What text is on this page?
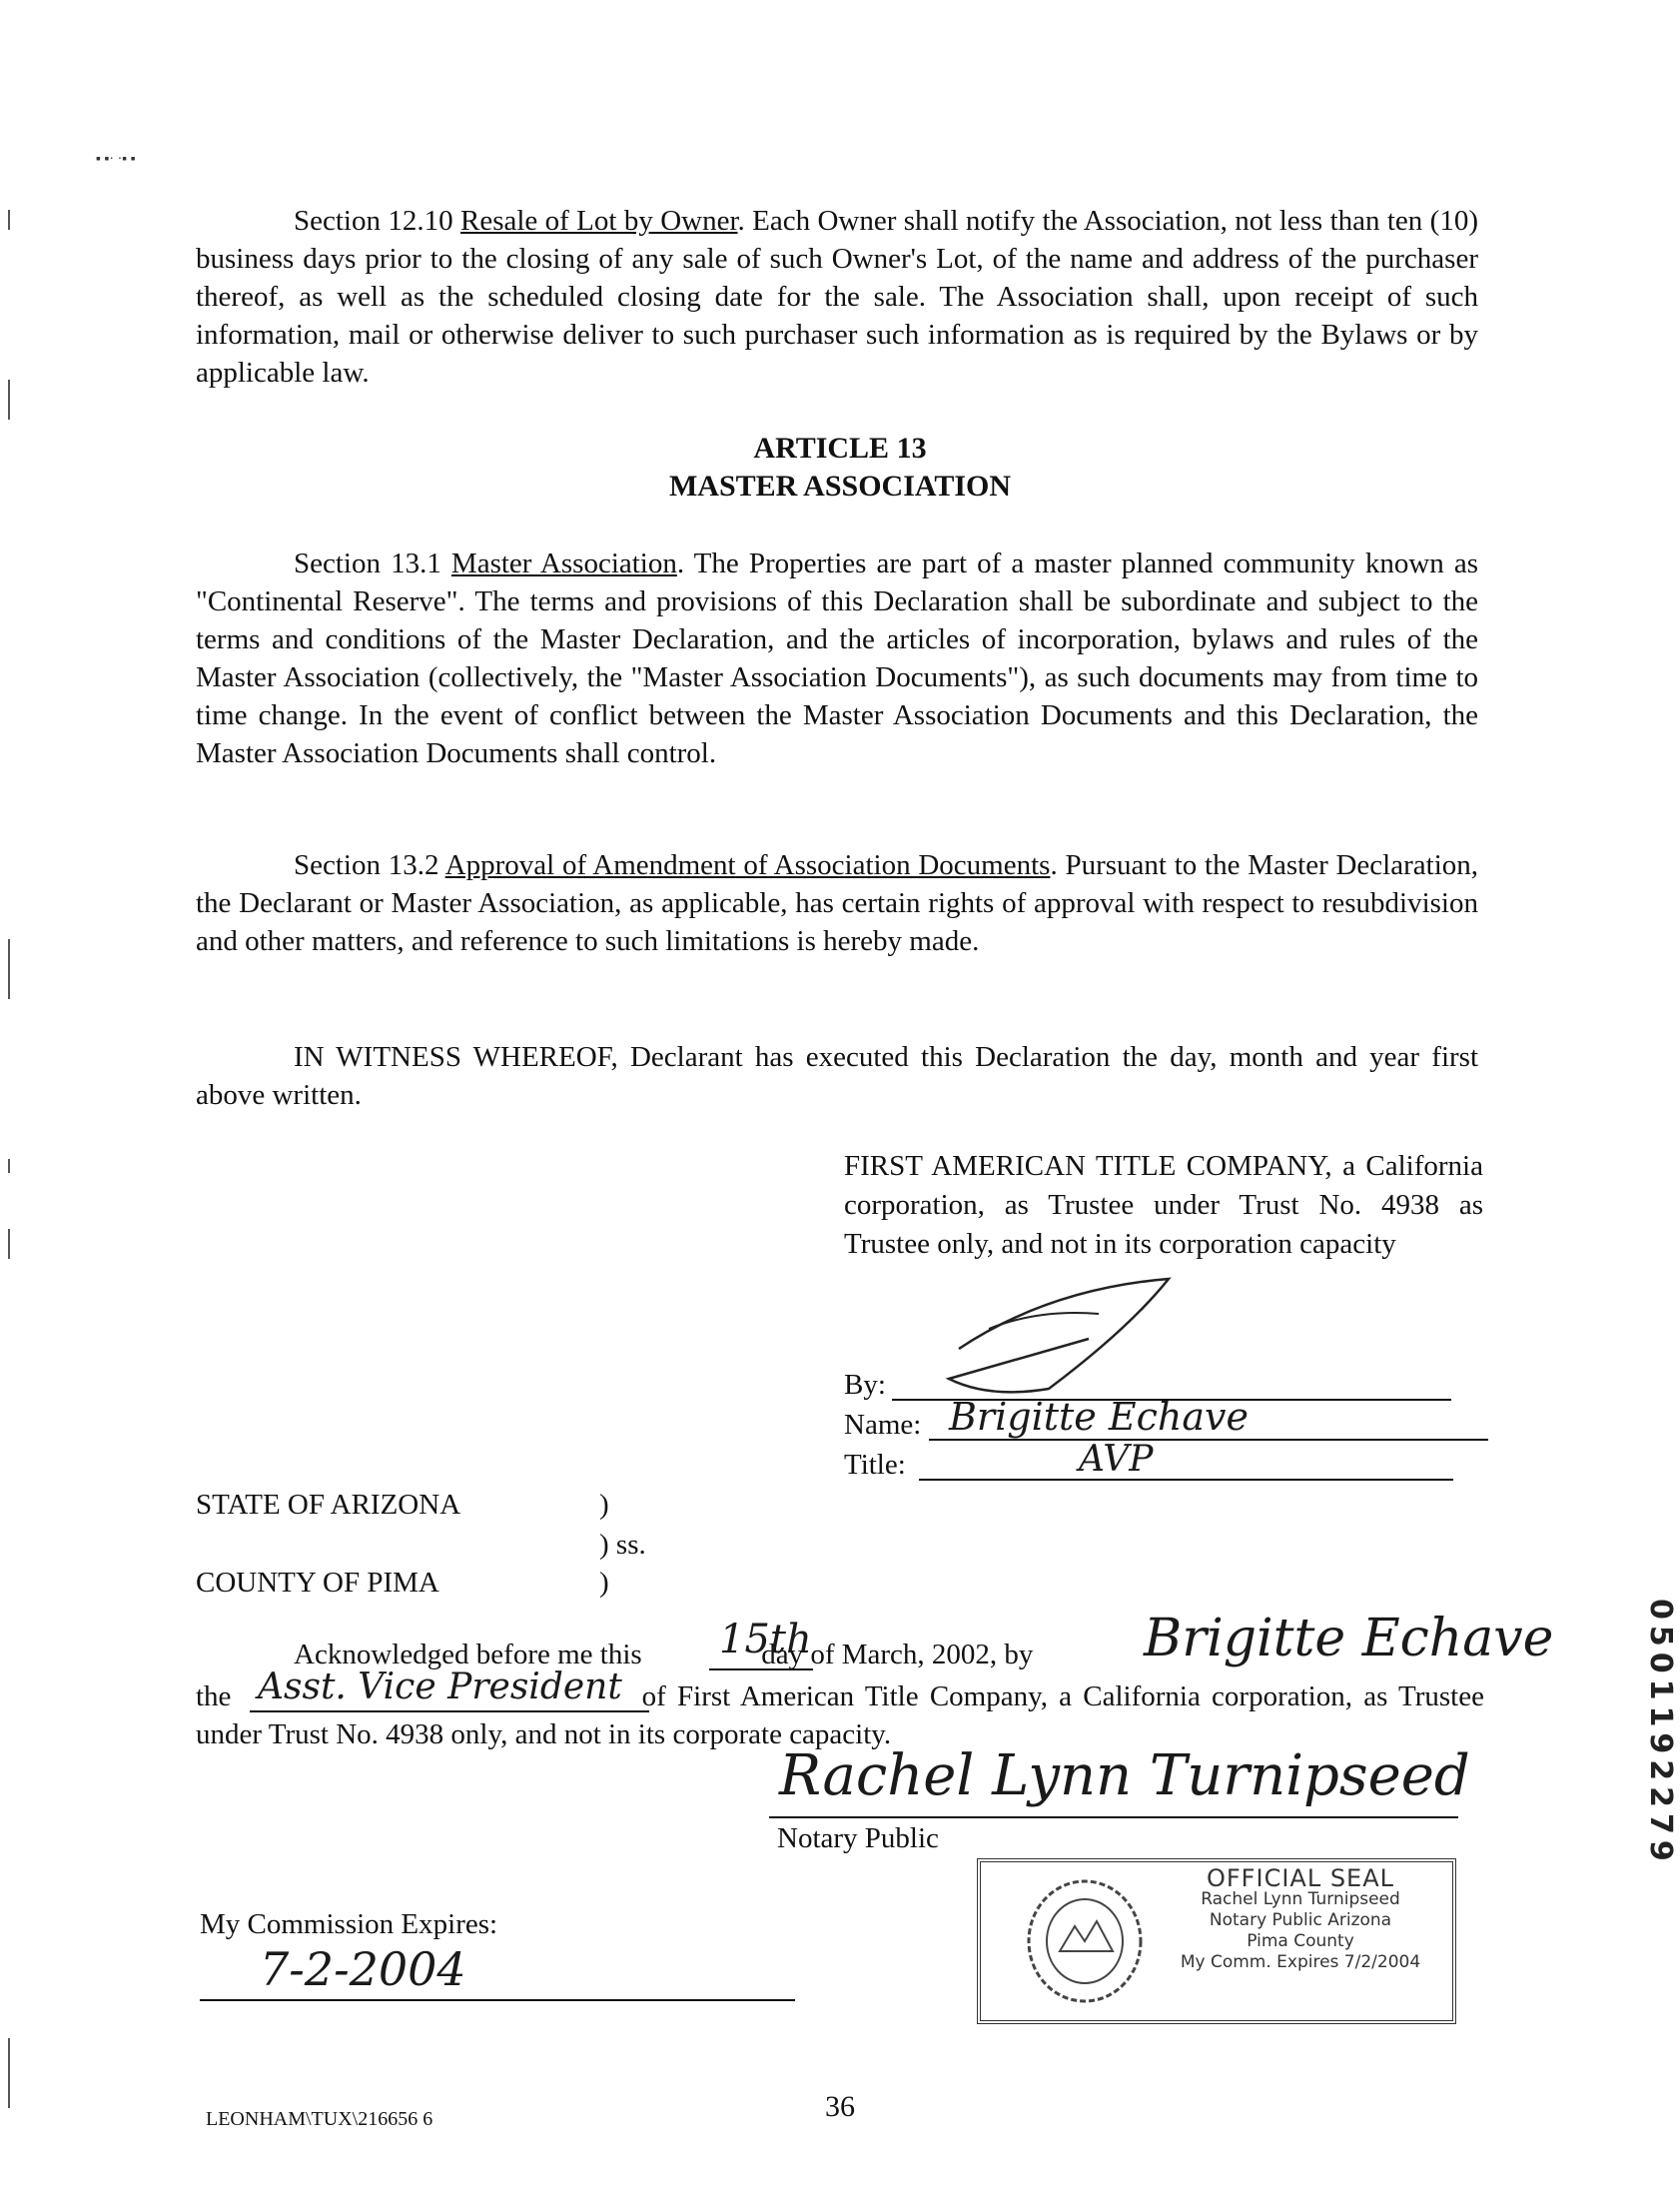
▪ ▪· ·▪ ▪
Section 12.10 Resale of Lot by Owner. Each Owner shall notify the Association, not less than ten (10) business days prior to the closing of any sale of such Owner's Lot, of the name and address of the purchaser thereof, as well as the scheduled closing date for the sale. The Association shall, upon receipt of such information, mail or otherwise deliver to such purchaser such information as is required by the Bylaws or by applicable law.
ARTICLE 13
MASTER ASSOCIATION
Section 13.1 Master Association. The Properties are part of a master planned community known as "Continental Reserve". The terms and provisions of this Declaration shall be subordinate and subject to the terms and conditions of the Master Declaration, and the articles of incorporation, bylaws and rules of the Master Association (collectively, the "Master Association Documents"), as such documents may from time to time change. In the event of conflict between the Master Association Documents and this Declaration, the Master Association Documents shall control.
Section 13.2 Approval of Amendment of Association Documents. Pursuant to the Master Declaration, the Declarant or Master Association, as applicable, has certain rights of approval with respect to resubdivision and other matters, and reference to such limitations is hereby made.
IN WITNESS WHEREOF, Declarant has executed this Declaration the day, month and year first above written.
FIRST AMERICAN TITLE COMPANY, a California corporation, as Trustee under Trust No. 4938 as Trustee only, and not in its corporation capacity
By:
Name: Brigitte Echave
Title:	AVP
STATE OF ARIZONA	)
) ss.
COUNTY OF PIMA	)
Acknowledged before me this	day of March, 2002, by
15th	Brigitte Echave
the	of First American Title Company, a California corporation, as Trustee under Trust No. 4938 only, and not in its corporate capacity.
Asst. Vice President
Rachel Lynn Turnipseed
Notary Public
My Commission Expires:
7-2-2004
OFFICIAL SEAL
Rachel Lynn Turnipseed
Notary Public Arizona
Pima County
My Comm. Expires 7/2/2004
0501192279
LEONHAM\TUX\216656 6	36
